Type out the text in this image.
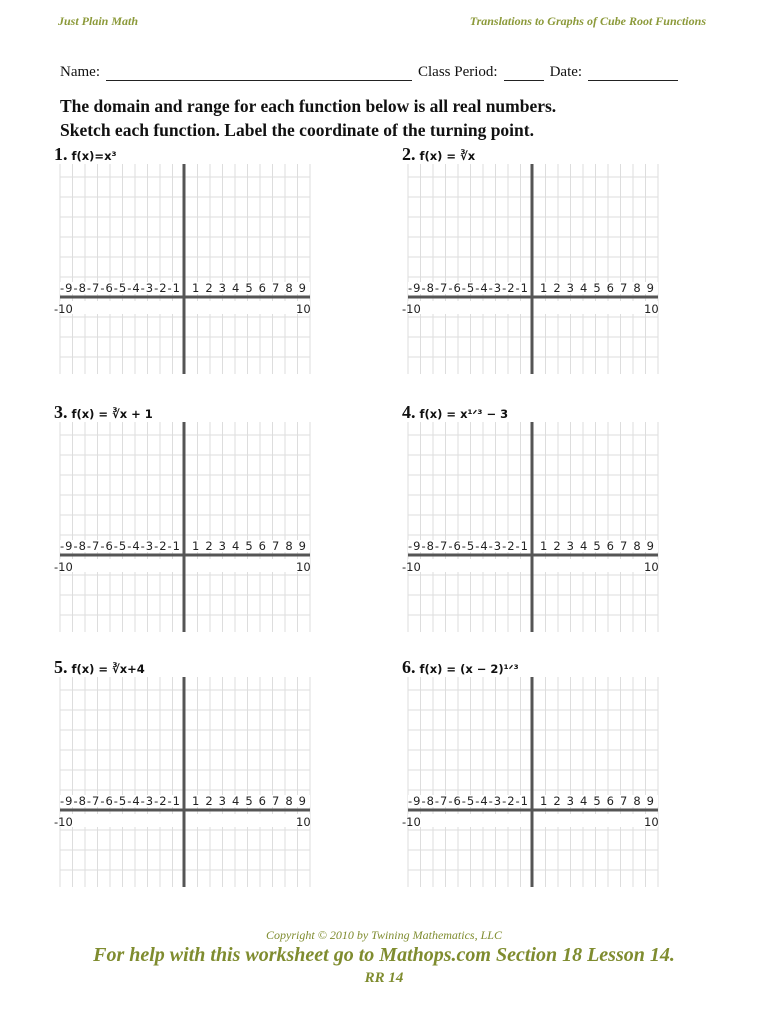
Just Plain Math	Translations to Graphs of Cube Root Functions
Name:	Class Period:	Date:
The domain and range for each function below is all real numbers.
Sketch each function. Label the coordinate of the turning point.
1. f(x)=x³
-9-8-7-6-5-4-3-2-1 1 2 3 4 5 6 7 8 9
-10	10
2. f(x) = ∛x
-9-8-7-6-5-4-3-2-1 1 2 3 4 5 6 7 8 9
-10	10
3. f(x) = ∛x + 1
-9-8-7-6-5-4-3-2-1 1 2 3 4 5 6 7 8 9
-10	10
4. f(x) = x¹ᐟ³ − 3
-9-8-7-6-5-4-3-2-1 1 2 3 4 5 6 7 8 9
-10	10
5. f(x) = ∛x+4
-9-8-7-6-5-4-3-2-1 1 2 3 4 5 6 7 8 9
-10	10
6. f(x) = (x − 2)¹ᐟ³
-9-8-7-6-5-4-3-2-1 1 2 3 4 5 6 7 8 9
-10	10
Copyright © 2010 by Twining Mathematics, LLC
For help with this worksheet go to Mathops.com Section 18 Lesson 14.
RR 14
